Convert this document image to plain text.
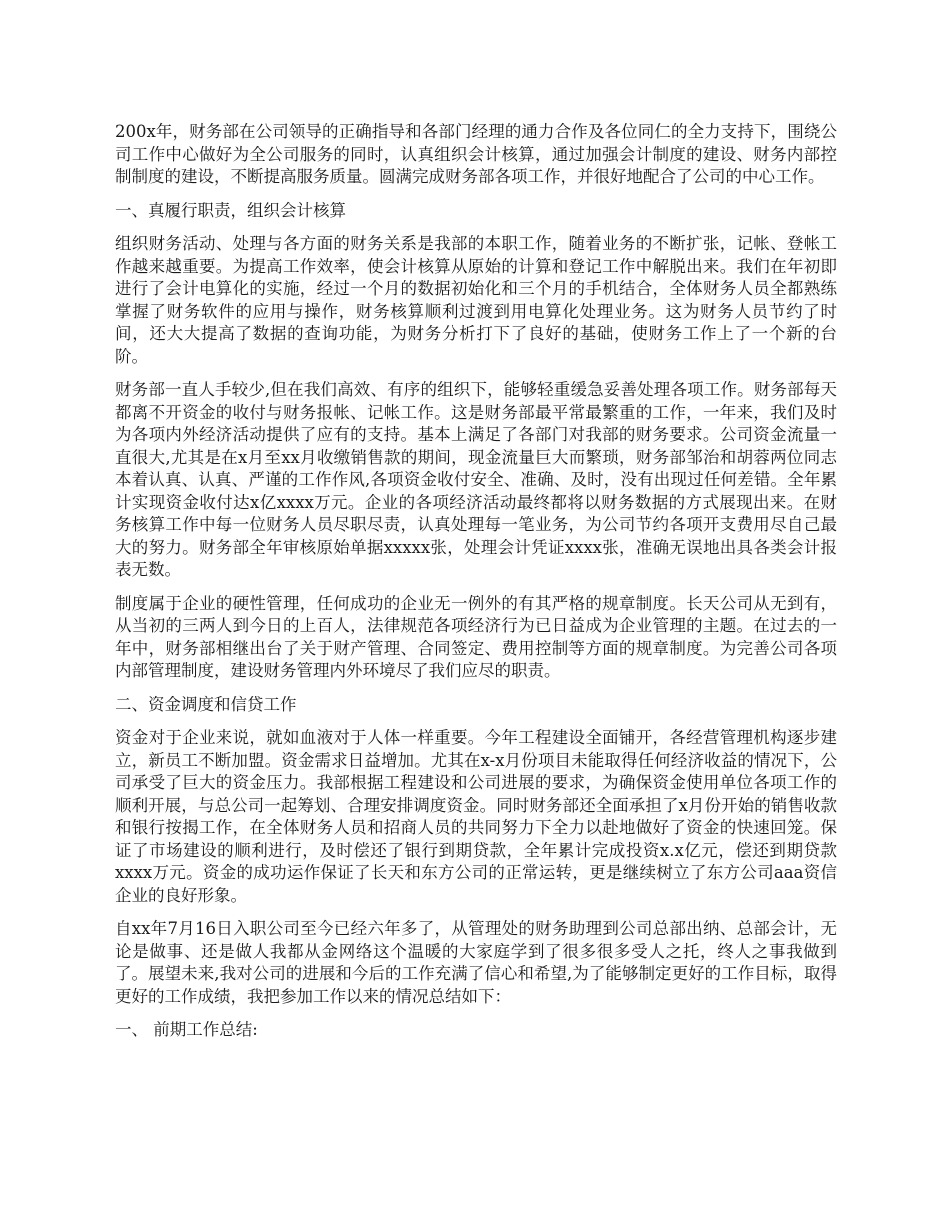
200x年，财务部在公司领导的正确指导和各部门经理的通力合作及各位同仁的全力支持下，围绕公司工作中心做好为全公司服务的同时，认真组织会计核算，通过加强会计制度的建设、财务内部控制制度的建设，不断提高服务质量。圆满完成财务部各项工作，并很好地配合了公司的中心工作。

一、真履行职责，组织会计核算

组织财务活动、处理与各方面的财务关系是我部的本职工作，随着业务的不断扩张，记帐、登帐工作越来越重要。为提高工作效率，使会计核算从原始的计算和登记工作中解脱出来。我们在年初即进行了会计电算化的实施，经过一个月的数据初始化和三个月的手机结合，全体财务人员全都熟练掌握了财务软件的应用与操作，财务核算顺利过渡到用电算化处理业务。这为财务人员节约了时间，还大大提高了数据的查询功能，为财务分析打下了良好的基础，使财务工作上了一个新的台阶。

财务部一直人手较少,但在我们高效、有序的组织下，能够轻重缓急妥善处理各项工作。财务部每天都离不开资金的收付与财务报帐、记帐工作。这是财务部最平常最繁重的工作，一年来，我们及时为各项内外经济活动提供了应有的支持。基本上满足了各部门对我部的财务要求。公司资金流量一直很大,尤其是在x月至xx月收缴销售款的期间，现金流量巨大而繁琐，财务部邹治和胡蓉两位同志本着认真、认真、严谨的工作作风,各项资金收付安全、准确、及时，没有出现过任何差错。全年累计实现资金收付达x亿xxxx万元。企业的各项经济活动最终都将以财务数据的方式展现出来。在财务核算工作中每一位财务人员尽职尽责，认真处理每一笔业务，为公司节约各项开支费用尽自己最大的努力。财务部全年审核原始单据xxxxx张，处理会计凭证xxxx张，准确无误地出具各类会计报表无数。

制度属于企业的硬性管理，任何成功的企业无一例外的有其严格的规章制度。长天公司从无到有，从当初的三两人到今日的上百人，法律规范各项经济行为已日益成为企业管理的主题。在过去的一年中，财务部相继出台了关于财产管理、合同签定、费用控制等方面的规章制度。为完善公司各项内部管理制度，建设财务管理内外环境尽了我们应尽的职责。

二、资金调度和信贷工作

资金对于企业来说，就如血液对于人体一样重要。今年工程建设全面铺开，各经营管理机构逐步建立，新员工不断加盟。资金需求日益增加。尤其在x-x月份项目未能取得任何经济收益的情况下，公司承受了巨大的资金压力。我部根据工程建设和公司进展的要求，为确保资金使用单位各项工作的顺利开展，与总公司一起筹划、合理安排调度资金。同时财务部还全面承担了x月份开始的销售收款和银行按揭工作，在全体财务人员和招商人员的共同努力下全力以赴地做好了资金的快速回笼。保证了市场建设的顺利进行，及时偿还了银行到期贷款，全年累计完成投资x.x亿元，偿还到期贷款xxxx万元。资金的成功运作保证了长天和东方公司的正常运转，更是继续树立了东方公司aaa资信企业的良好形象。

自xx年7月16日入职公司至今已经六年多了，从管理处的财务助理到公司总部出纳、总部会计，无论是做事、还是做人我都从金网络这个温暖的大家庭学到了很多很多受人之托，终人之事我做到了。展望未来,我对公司的进展和今后的工作充满了信心和希望,为了能够制定更好的工作目标，取得更好的工作成绩，我把参加工作以来的情况总结如下：

一、 前期工作总结:
